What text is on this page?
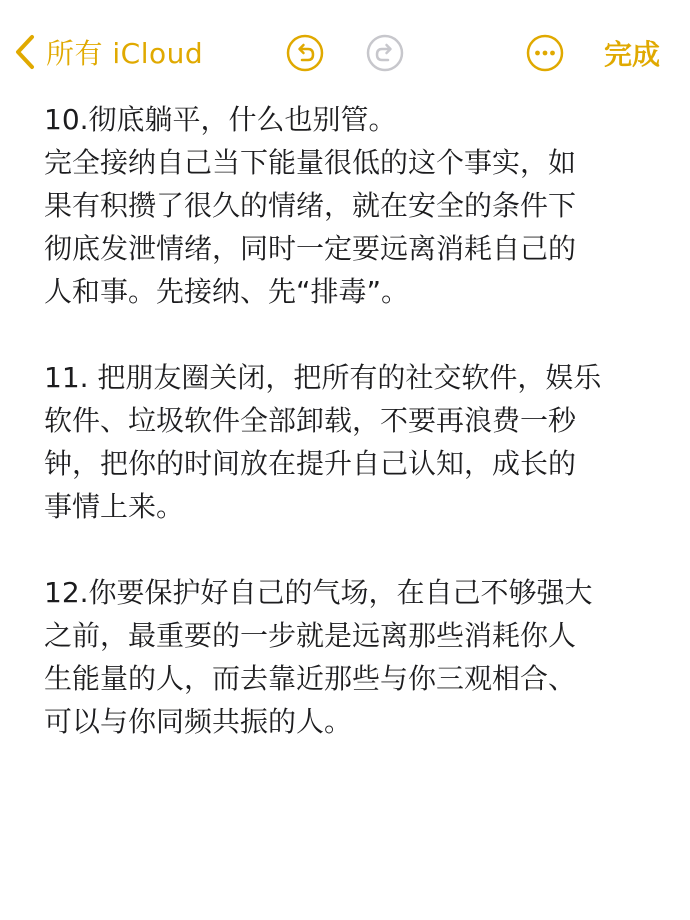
所有 iCloud	完成

10.彻底躺平，什么也别管。
完全接纳自己当下能量很低的这个事实，如
果有积攒了很久的情绪，就在安全的条件下
彻底发泄情绪，同时一定要远离消耗自己的
人和事。先接纳、先“排毒”。

11. 把朋友圈关闭，把所有的社交软件，娱乐
软件、垃圾软件全部卸载，不要再浪费一秒
钟，把你的时间放在提升自己认知，成长的
事情上来。

12.你要保护好自己的气场，在自己不够强大
之前，最重要的一步就是远离那些消耗你人
生能量的人，而去靠近那些与你三观相合、
可以与你同频共振的人。
